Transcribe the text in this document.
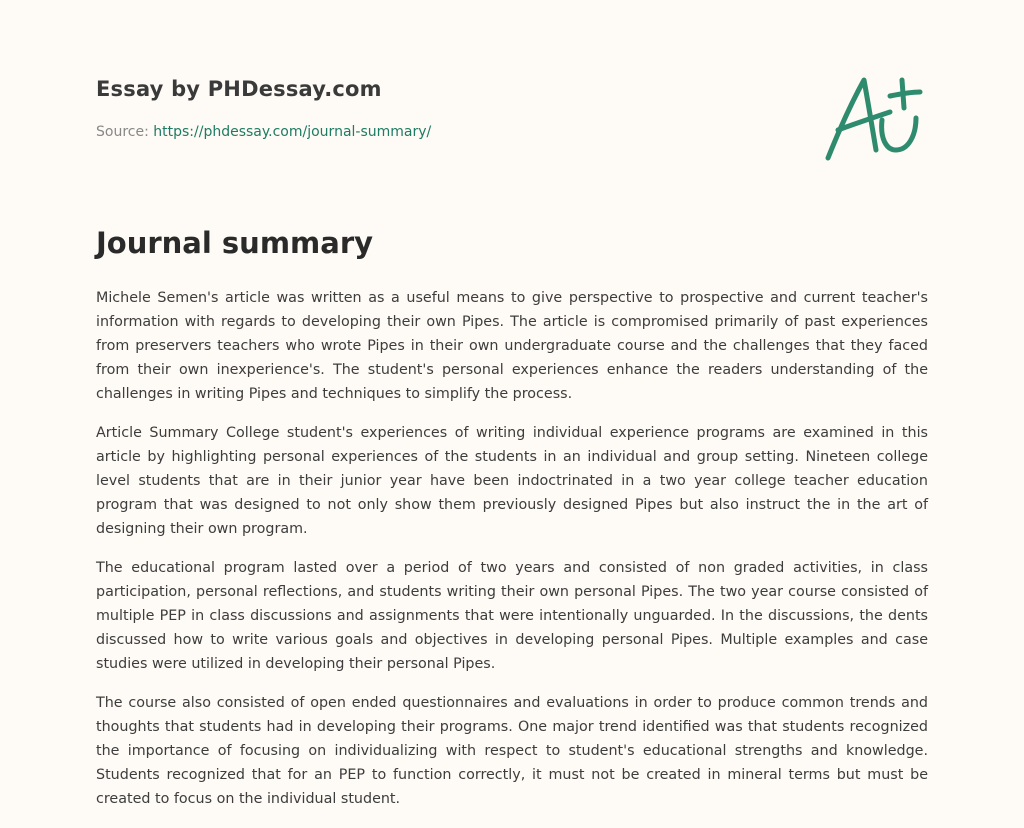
Essay by PHDessay.com
Source: https://phdessay.com/journal-summary/
Journal summary

Michele Semen's article was written as a useful means to give perspective to prospective and current teacher's information with regards to developing their own Pipes. The article is compromised primarily of past experiences from preservers teachers who wrote Pipes in their own undergraduate course and the challenges that they faced from their own inexperience's. The student's personal experiences enhance the readers understanding of the challenges in writing Pipes and techniques to simplify the process.

Article Summary College student's experiences of writing individual experience programs are examined in this article by highlighting personal experiences of the students in an individual and group setting. Nineteen college level students that are in their junior year have been indoctrinated in a two year college teacher education program that was designed to not only show them previously designed Pipes but also instruct the in the art of designing their own program.

The educational program lasted over a period of two years and consisted of non graded activities, in class participation, personal reflections, and students writing their own personal Pipes. The two year course consisted of multiple PEP in class discussions and assignments that were intentionally unguarded. In the discussions, the dents discussed how to write various goals and objectives in developing personal Pipes. Multiple examples and case studies were utilized in developing their personal Pipes.

The course also consisted of open ended questionnaires and evaluations in order to produce common trends and thoughts that students had in developing their programs. One major trend identified was that students recognized the importance of focusing on individualizing with respect to student's educational strengths and knowledge. Students recognized that for an PEP to function correctly, it must not be created in mineral terms but must be created to focus on the individual student.
